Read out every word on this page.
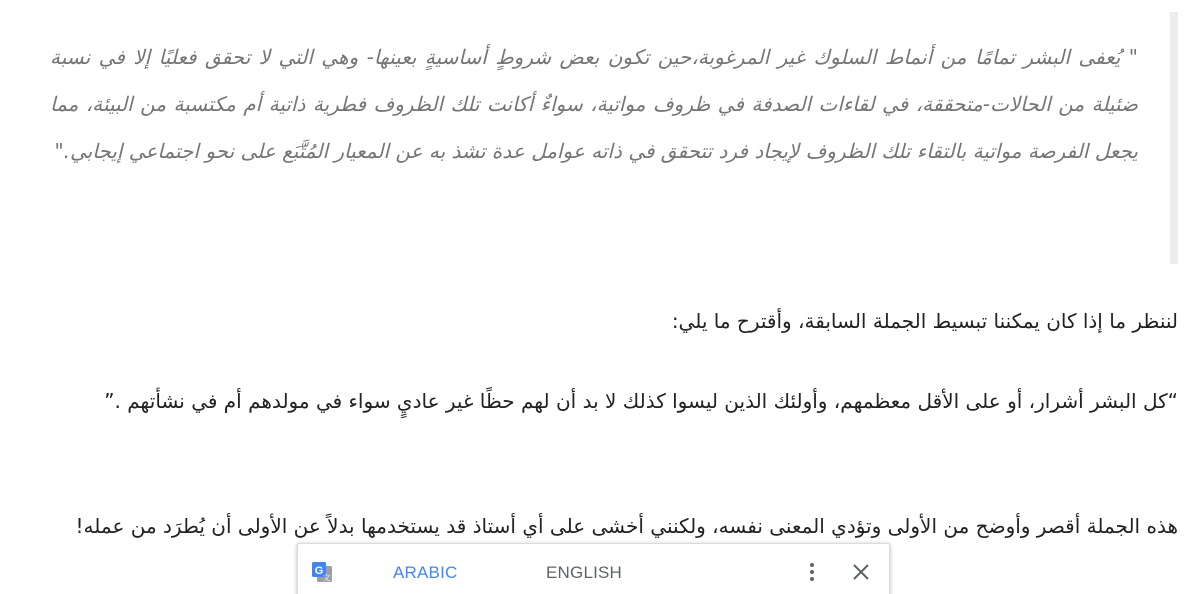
" يُعفى البشر تمامًا من أنماط السلوك غير المرغوبة،حين تكون بعض شروطٍ أساسيةٍ بعينها- وهي التي لا تحقق فعليًا إلا في نسبة ضئيلة من الحالات-متحققة، في لقاءات الصدفة في ظروف مواتية، سواءٌ أكانت تلك الظروف فطرية ذاتية أم مكتسبة من البيئة، مما يجعل الفرصة مواتية بالتقاء تلك الظروف لإيجاد فرد تتحقق في ذاته عوامل عدة تشذ به عن المعيار المُتَّبَع على نحو اجتماعي إيجابي."

لننظر ما إذا كان يمكننا تبسيط الجملة السابقة، وأقترح ما يلي:

“كل البشر أشرار، أو على الأقل معظمهم، وأولئك الذين ليسوا كذلك لا بد أن لهم حظًا غير عاديٍ سواء في مولدهم أم في نشأتهم .”

هذه الجملة أقصر وأوضح من الأولى وتؤدي المعنى نفسه، ولكنني أخشى على أي أستاذ قد يستخدمها بدلاً عن الأولى أن يُطرَد من عمله!

G
文	ARABIC	ENGLISH
